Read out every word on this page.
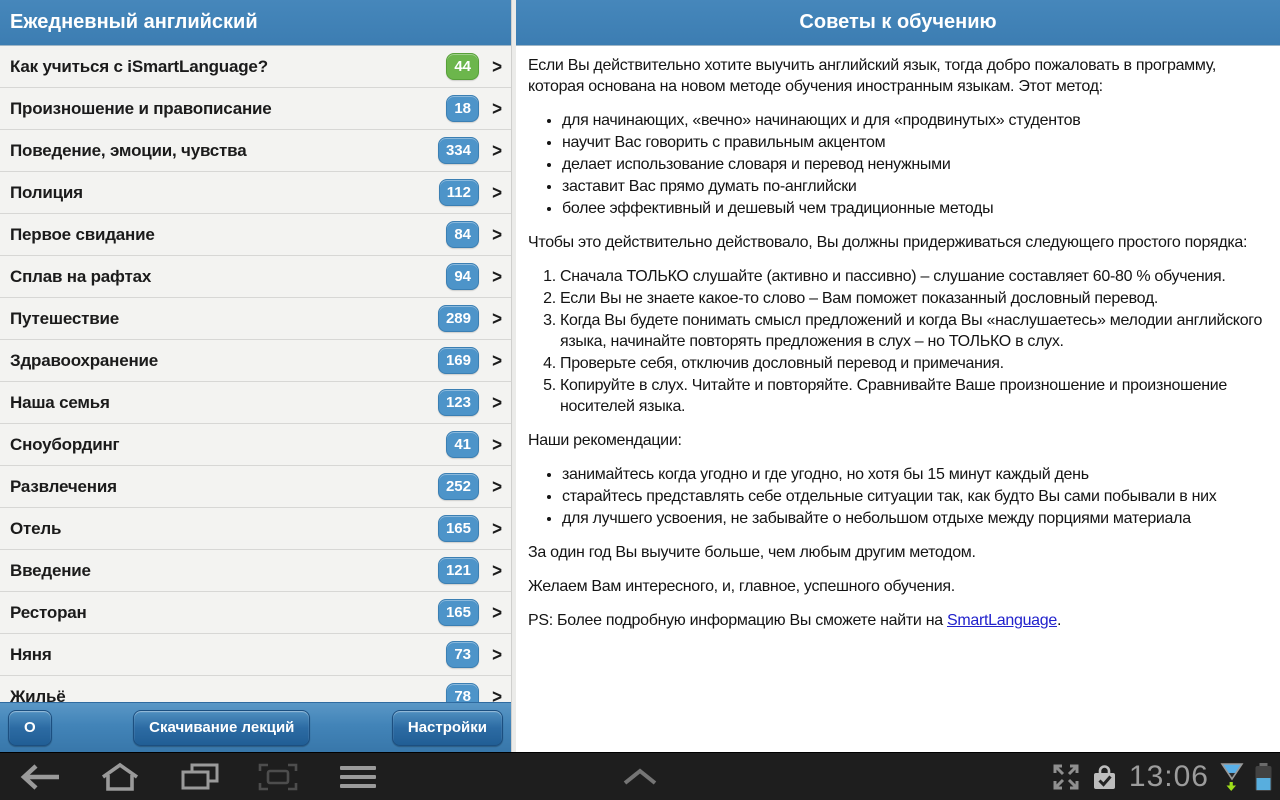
Ежедневный английский
Как учиться с iSmartLanguage?	44	>
Произношение и правописание	18	>
Поведение, эмоции, чувства	334	>
Полиция	112	>
Первое свидание	84	>
Сплав на рафтах	94	>
Путешествие	289	>
Здравоохранение	169	>
Наша семья	123	>
Сноубординг	41	>
Развлечения	252	>
Отель	165	>
Введение	121	>
Ресторан	165	>
Няня	73	>
Жильё	78	>
О	Скачивание лекций	Настройки
Советы к обучению

Если Вы действительно хотите выучить английский язык, тогда добро пожаловать в программу, которая основана на новом методе обучения иностранным языкам. Этот метод:

• для начинающих, «вечно» начинающих и для «продвинутых» студентов
• научит Вас говорить с правильным акцентом
• делает использование словаря и перевод ненужными
• заставит Вас прямо думать по-английски
• более эффективный и дешевый чем традиционные методы

Чтобы это действительно действовало, Вы должны придерживаться следующего простого порядка:

1. Сначала ТОЛЬКО слушайте (активно и пассивно) – слушание составляет 60-80 % обучения.
2. Если Вы не знаете какое-то слово – Вам поможет показанный дословный перевод.
3. Когда Вы будете понимать смысл предложений и когда Вы «наслушаетесь» мелодии английского языка, начинайте повторять предложения в слух – но ТОЛЬКО в слух.
4. Проверьте себя, отключив дословный перевод и примечания.
5. Копируйте в слух. Читайте и повторяйте. Сравнивайте Ваше произношение и произношение носителей языка.

Наши рекомендации:

• занимайтесь когда угодно и где угодно, но хотя бы 15 минут каждый день
• старайтесь представлять себе отдельные ситуации так, как будто Вы сами побывали в них
• для лучшего усвоения, не забывайте о небольшом отдыхе между порциями материала

За один год Вы выучите больше, чем любым другим методом.

Желаем Вам интересного, и, главное, успешного обучения.

PS: Более подробную информацию Вы сможете найти на SmartLanguage.

13:06
